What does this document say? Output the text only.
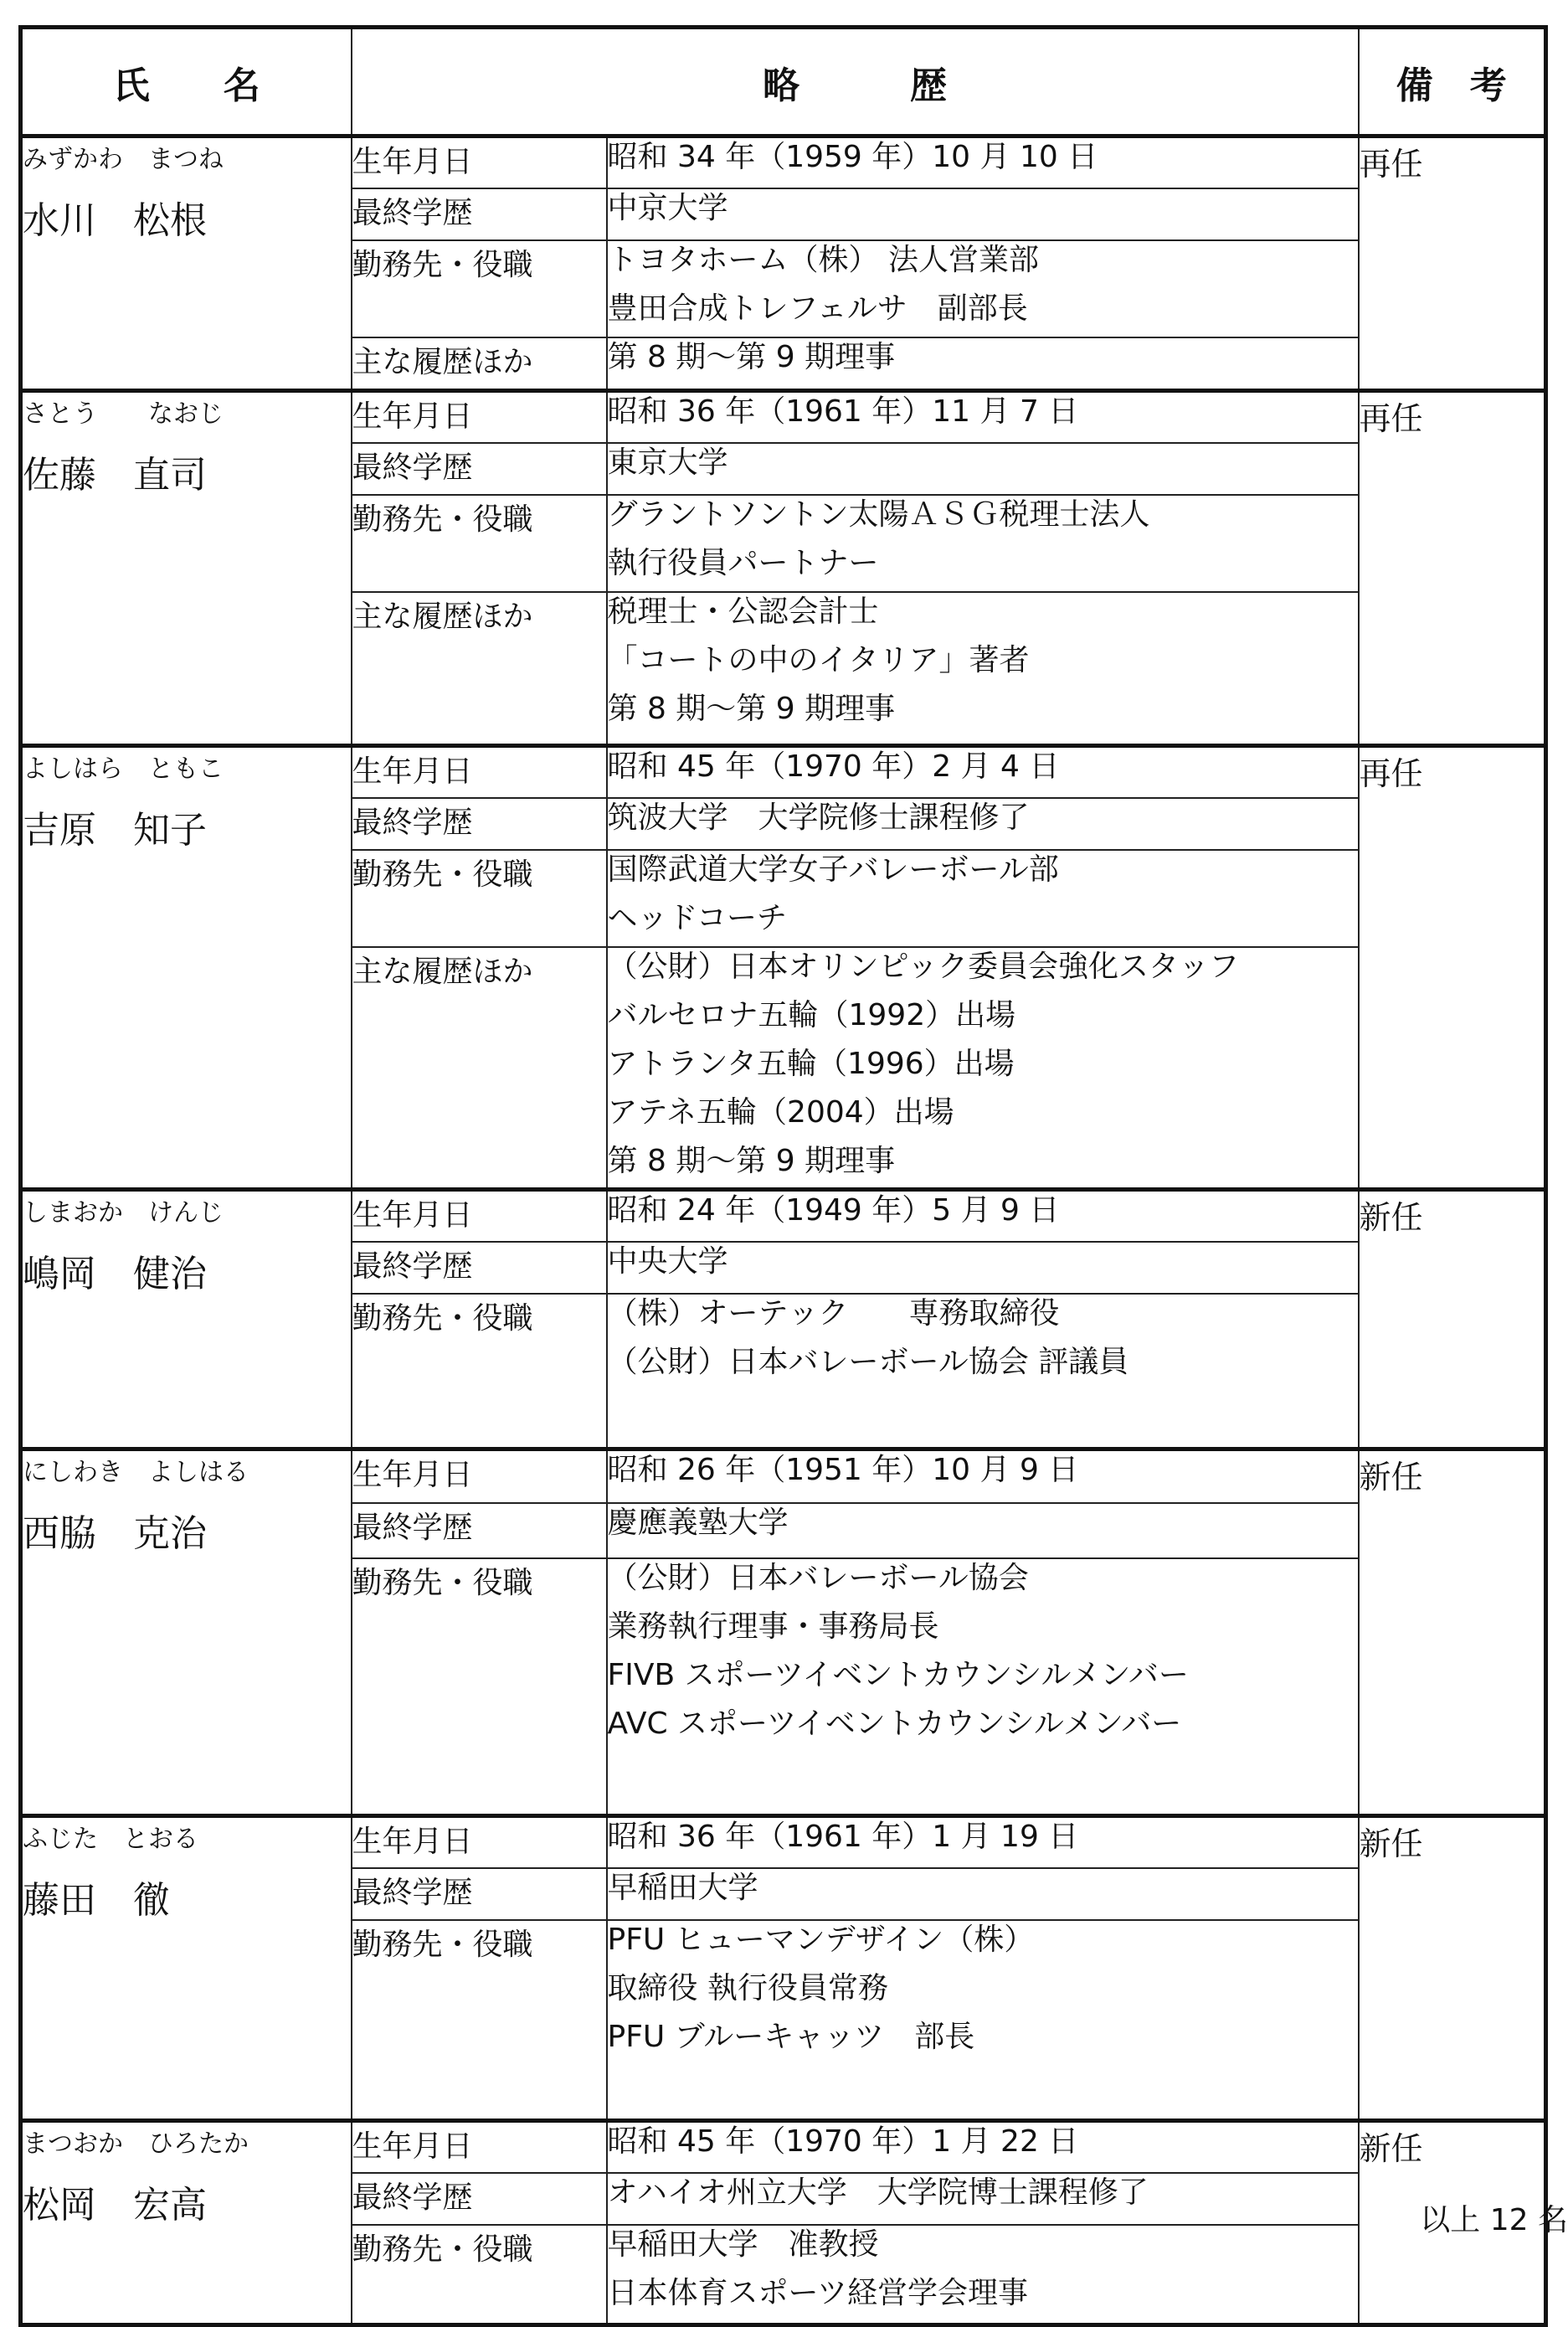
氏　　名	略　　　歴		備　考

みずかわ　まつね
水川　松根	生年月日	昭和 34 年（1959 年）10 月 10 日	再任
	最終学歴	中京大学	

	勤務先・役職	トヨタホーム（株） 法人営業部
豊田合成トレフェルサ　副部長	

	主な履歴ほか	第 8 期～第 9 期理事	

さとう　　なおじ
佐藤　直司	生年月日	昭和 36 年（1961 年）11 月 7 日	再任
	最終学歴	東京大学	

	勤務先・役職	グラントソントン太陽ＡＳＧ税理士法人
執行役員パートナー	

	主な履歴ほか	税理士・公認会計士
「コートの中のイタリア」著者
第 8 期～第 9 期理事	

よしはら　ともこ
吉原　知子	生年月日	昭和 45 年（1970 年）2 月 4 日	再任
	最終学歴	筑波大学　大学院修士課程修了	

	勤務先・役職	国際武道大学女子バレーボール部
ヘッドコーチ	

	主な履歴ほか	（公財）日本オリンピック委員会強化スタッフ
バルセロナ五輪（1992）出場
アトランタ五輪（1996）出場
アテネ五輪（2004）出場
第 8 期～第 9 期理事	

しまおか　けんじ
嶋岡　健治	生年月日	昭和 24 年（1949 年）5 月 9 日	新任
	最終学歴	中央大学	

	勤務先・役職	（株）オーテック　　専務取締役
（公財）日本バレーボール協会 評議員	

にしわき　よしはる
西脇　克治	生年月日	昭和 26 年（1951 年）10 月 9 日	新任
	最終学歴	慶應義塾大学	

	勤務先・役職	（公財）日本バレーボール協会
業務執行理事・事務局長
FIVB スポーツイベントカウンシルメンバー
AVC スポーツイベントカウンシルメンバー	

ふじた　とおる
藤田　徹	生年月日	昭和 36 年（1961 年）1 月 19 日	新任
	最終学歴	早稲田大学	

	勤務先・役職	PFU ヒューマンデザイン（株）
取締役 執行役員常務
PFU ブルーキャッツ　部長	

まつおか　ひろたか
松岡　宏高	生年月日	昭和 45 年（1970 年）1 月 22 日	新任
	最終学歴	オハイオ州立大学　大学院博士課程修了	

	勤務先・役職	早稲田大学　准教授
日本体育スポーツ経営学会理事	
以上 12 名
